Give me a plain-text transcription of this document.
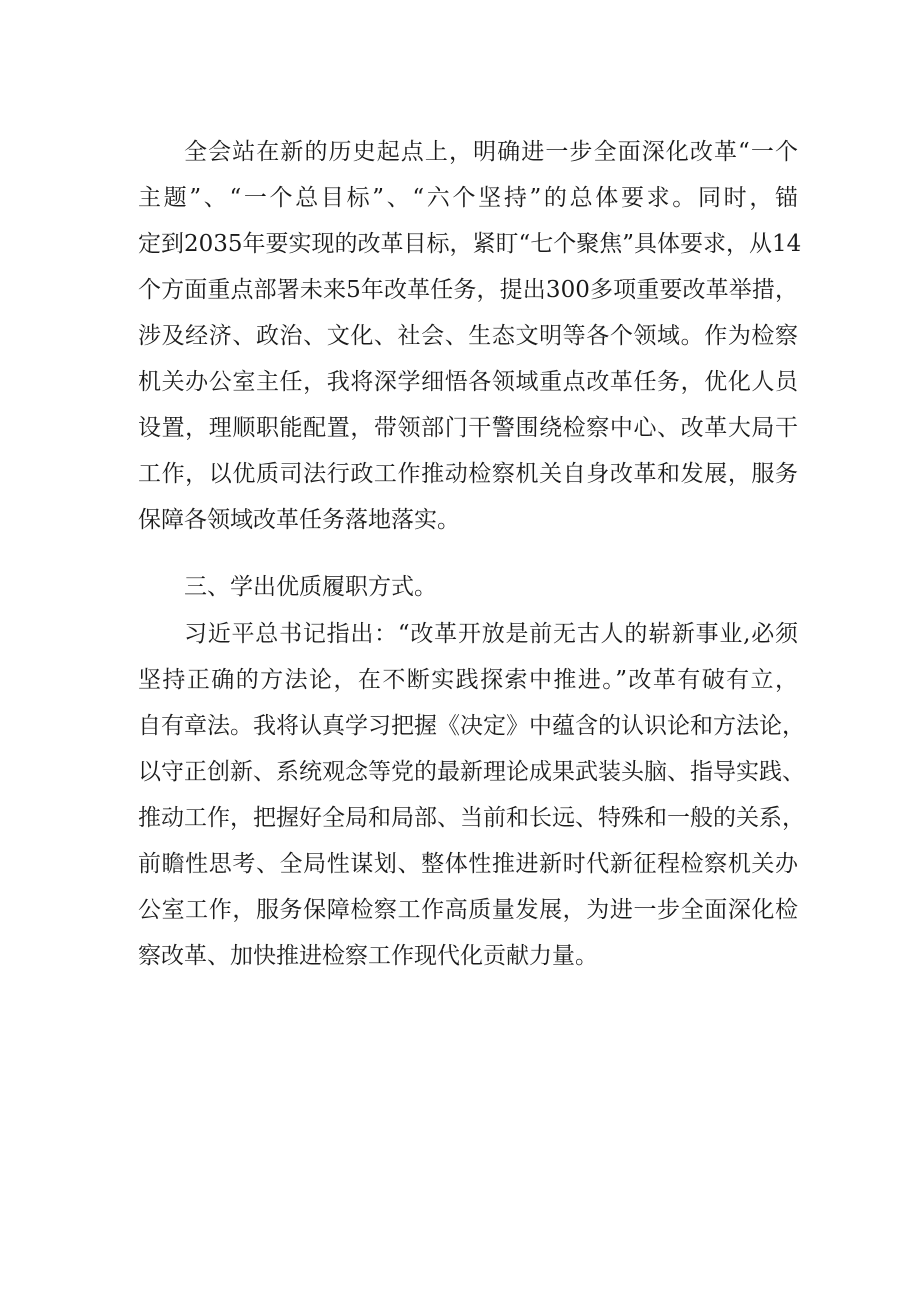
全会站在新的历史起点上，明确进一步全面深化改革“一个
主题”、“一个总目标”、“六个坚持”的总体要求。同时，锚
定到2035年要实现的改革目标，紧盯“七个聚焦”具体要求，从14
个方面重点部署未来5年改革任务，提出300多项重要改革举措，
涉及经济、政治、文化、社会、生态文明等各个领域。作为检察
机关办公室主任，我将深学细悟各领域重点改革任务，优化人员
设置，理顺职能配置，带领部门干警围绕检察中心、改革大局干
工作，以优质司法行政工作推动检察机关自身改革和发展，服务
保障各领域改革任务落地落实。
三、学出优质履职方式。
习近平总书记指出：“改革开放是前无古人的崭新事业,必须
坚持正确的方法论，在不断实践探索中推进。”改革有破有立，
自有章法。我将认真学习把握《决定》中蕴含的认识论和方法论，
以守正创新、系统观念等党的最新理论成果武装头脑、指导实践、
推动工作，把握好全局和局部、当前和长远、特殊和一般的关系，
前瞻性思考、全局性谋划、整体性推进新时代新征程检察机关办
公室工作，服务保障检察工作高质量发展，为进一步全面深化检
察改革、加快推进检察工作现代化贡献力量。
